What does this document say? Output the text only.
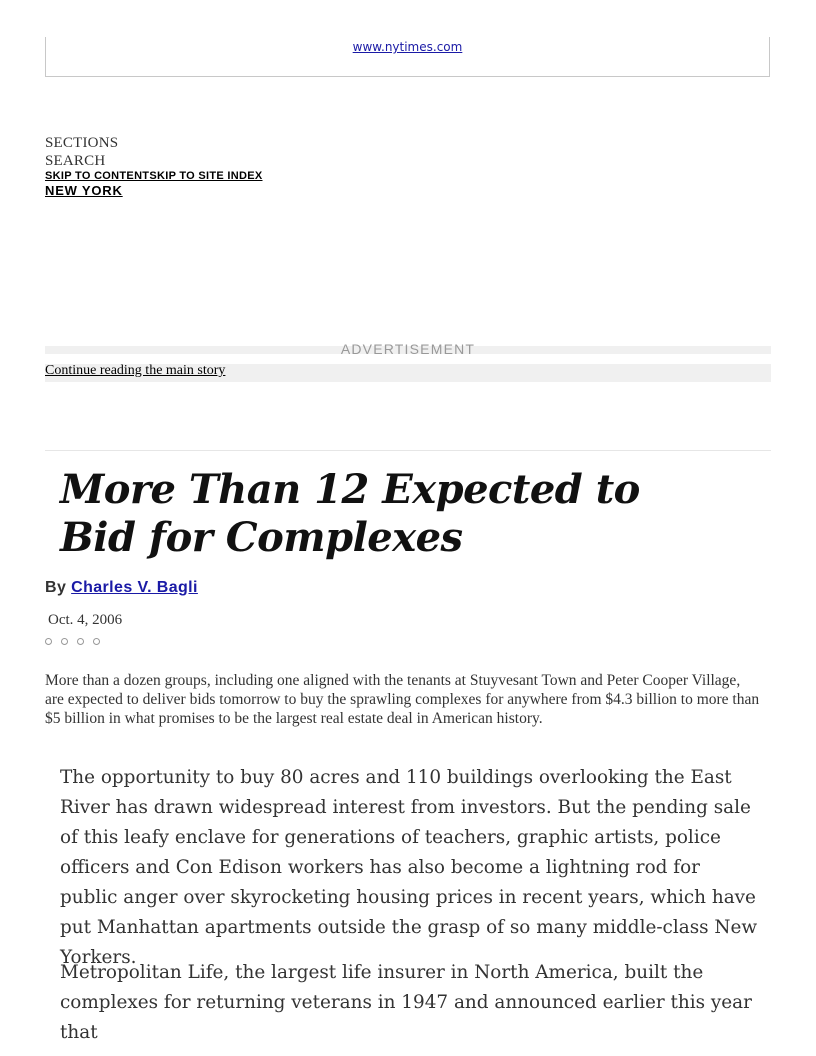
www.nytimes.com
SECTIONS
SEARCH
SKIP TO CONTENTSKIP TO SITE INDEX
NEW YORK
ADVERTISEMENT
Continue reading the main story
More Than 12 Expected to Bid for Complexes
By Charles V. Bagli
Oct. 4, 2006

More than a dozen groups, including one aligned with the tenants at Stuyvesant Town and Peter Cooper Village, are expected to deliver bids tomorrow to buy the sprawling complexes for anywhere from $4.3 billion to more than $5 billion in what promises to be the largest real estate deal in American history.

The opportunity to buy 80 acres and 110 buildings overlooking the East River has drawn widespread interest from investors. But the pending sale of this leafy enclave for generations of teachers, graphic artists, police officers and Con Edison workers has also become a lightning rod for public anger over skyrocketing housing prices in recent years, which have put Manhattan apartments outside the grasp of so many middle-class New Yorkers.

Metropolitan Life, the largest life insurer in North America, built the complexes for returning veterans in 1947 and announced earlier this year that
